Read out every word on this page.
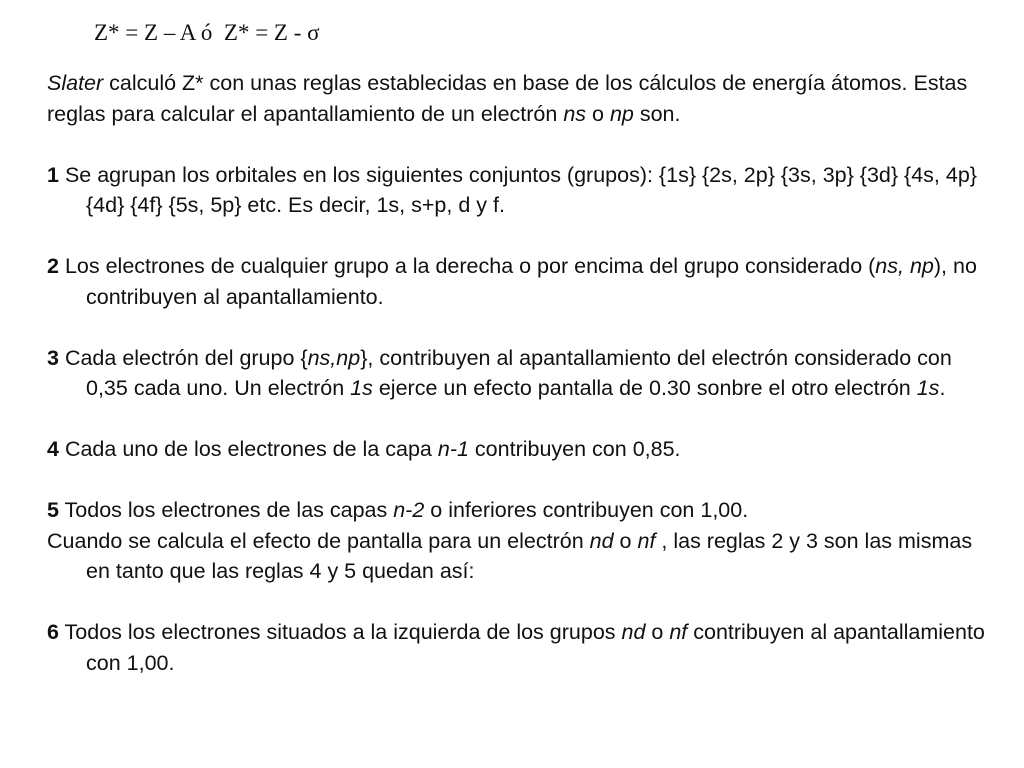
Z* = Z – A ó  Z* = Z - σ

Slater calculó Z* con unas reglas establecidas en base de los cálculos de energía átomos. Estas reglas para calcular el apantallamiento de un electrón ns o np son.

1 Se agrupan los orbitales en los siguientes conjuntos (grupos): {1s} {2s, 2p} {3s, 3p} {3d} {4s, 4p} {4d} {4f} {5s, 5p} etc. Es decir, 1s, s+p, d y f.

2 Los electrones de cualquier grupo a la derecha o por encima del grupo considerado (ns, np), no contribuyen al apantallamiento.

3 Cada electrón del grupo {ns,np}, contribuyen al apantallamiento del electrón considerado con 0,35 cada uno. Un electrón 1s ejerce un efecto pantalla de 0.30 sonbre el otro electrón 1s.

4 Cada uno de los electrones de la capa n-1 contribuyen con 0,85.

5 Todos los electrones de las capas n-2 o inferiores contribuyen con 1,00.

Cuando se calcula el efecto de pantalla para un electrón nd o nf , las reglas 2 y 3 son las mismas en tanto que las reglas 4 y 5 quedan así:

6 Todos los electrones situados a la izquierda de los grupos nd o nf contribuyen al apantallamiento con 1,00.
